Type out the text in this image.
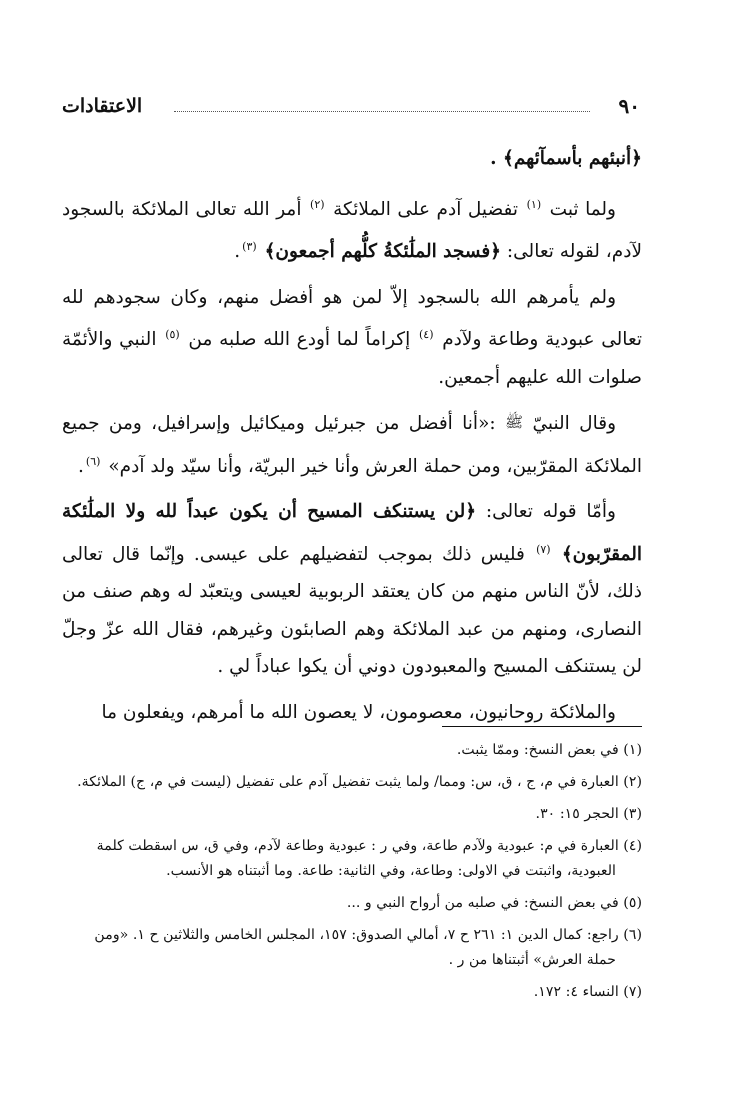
٩٠
الاعتقادات

﴿أنبئهم بأسمآئهم﴾ .

ولما ثبت $^{(١)}$ تفضيل آدم على الملائكة $^{(٢)}$ أمر الله تعالى الملائكة بالسجود لآدم، لقوله تعالى: ﴿فسجد الملَٰئكةُ كلُّهم أجمعون﴾ $^{(٣)}$.

ولم يأمرهم الله بالسجود إلاّ لمن هو أفضل منهم، وكان سجودهم لله تعالى عبودية وطاعة ولآدم $^{(٤)}$ إكراماً لما أودع الله صلبه من $^{(٥)}$ النبي والأئمّة صلوات الله عليهم أجمعين.

وقال النبيّ ﷺ :«أنا أفضل من جبرئيل وميكائيل وإسرافيل، ومن جميع الملائكة المقرّبين، ومن حملة العرش وأنا خير البريّة، وأنا سيّد ولد آدم» $^{(٦)}$.

وأمّا قوله تعالى: ﴿لن يستنكف المسيح أن يكون عبداً لله ولا الملَٰئكة المقرّبون﴾ $^{(٧)}$ فليس ذلك بموجب لتفضيلهم على عيسى. وإنّما قال تعالى ذلك، لأنّ الناس منهم من كان يعتقد الربوبية لعيسى ويتعبّد له وهم صنف من النصارى، ومنهم من عبد الملائكة وهم الصابئون وغيرهم، فقال الله عزّ وجلّ لن يستنكف المسيح والمعبودون دوني أن يكوا عباداً لي .

والملائكة روحانيون، معصومون، لا يعصون الله ما أمرهم، ويفعلون ما

(١) في بعض النسخ: وممّا يثبت.

(٢) العبارة في م، ج ، ق، س: ومما/ ولما يثبت تفضيل آدم على تفضيل (ليست في م، ج) الملائكة.

(٣) الحجر ١٥: ٣٠.

(٤) العبارة في م: عبودية ولآدم طاعة، وفي ر : عبودية وطاعة لآدم، وفي ق، س اسقطت كلمة
العبودية، واثبتت في الاولى: وطاعة، وفي الثانية: طاعة. وما أثبتناه هو الأنسب.

(٥) في بعض النسخ: في صلبه من أرواح النبي و ...

(٦) راجع: كمال الدين ١: ٢٦١ ح ٧، أمالي الصدوق: ١٥٧، المجلس الخامس والثلاثين ح ١. «ومن
حملة العرش» أثبتناها من ر .

(٧) النساء ٤: ١٧٢.
